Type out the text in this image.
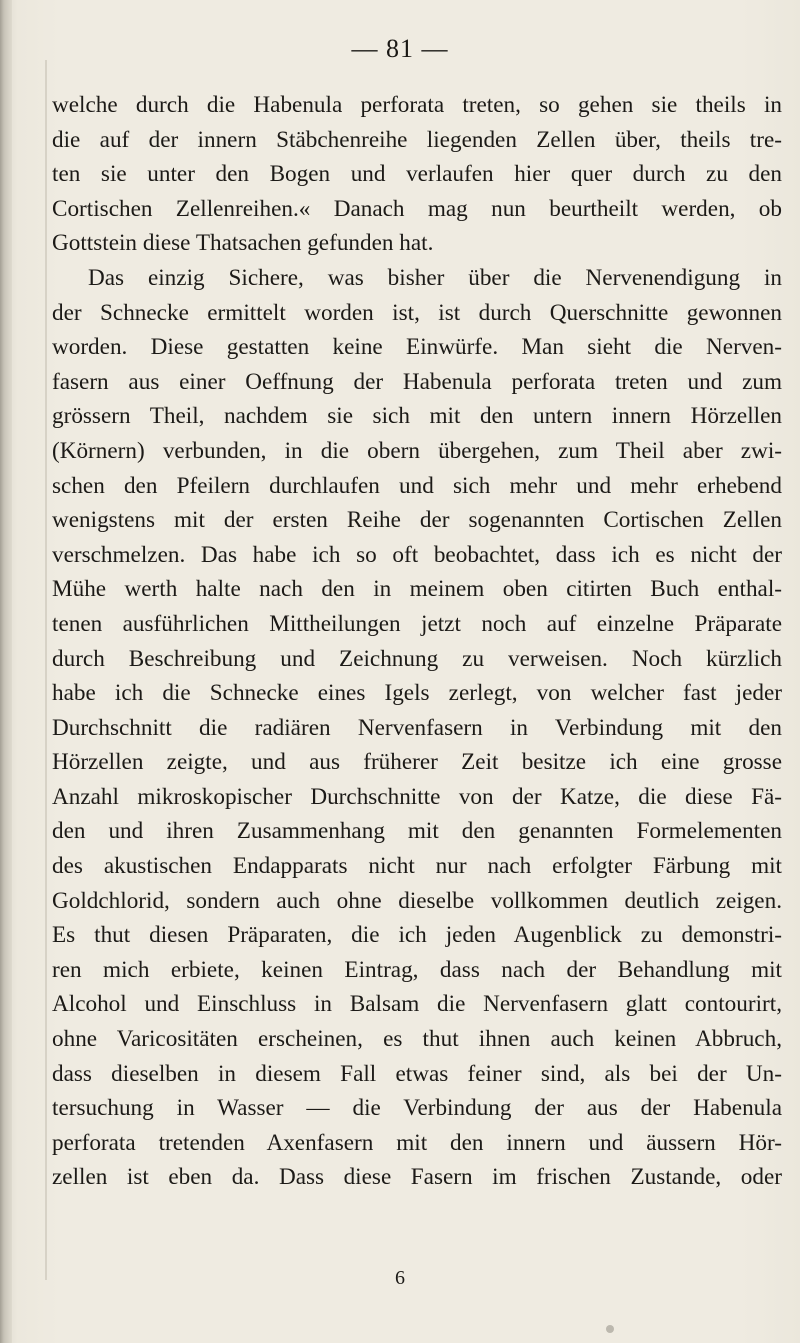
— 81 —
welche durch die Habenula perforata treten, so gehen sie theils in
die auf der innern Stäbchenreihe liegenden Zellen über, theils tre-
ten sie unter den Bogen und verlaufen hier quer durch zu den
Cortischen Zellenreihen.« Danach mag nun beurtheilt werden, ob
Gottstein diese Thatsachen gefunden hat.
Das einzig Sichere, was bisher über die Nervenendigung in
der Schnecke ermittelt worden ist, ist durch Querschnitte gewonnen
worden. Diese gestatten keine Einwürfe. Man sieht die Nerven-
fasern aus einer Oeffnung der Habenula perforata treten und zum
grössern Theil, nachdem sie sich mit den untern innern Hörzellen
(Körnern) verbunden, in die obern übergehen, zum Theil aber zwi-
schen den Pfeilern durchlaufen und sich mehr und mehr erhebend
wenigstens mit der ersten Reihe der sogenannten Cortischen Zellen
verschmelzen. Das habe ich so oft beobachtet, dass ich es nicht der
Mühe werth halte nach den in meinem oben citirten Buch enthal-
tenen ausführlichen Mittheilungen jetzt noch auf einzelne Präparate
durch Beschreibung und Zeichnung zu verweisen. Noch kürzlich
habe ich die Schnecke eines Igels zerlegt, von welcher fast jeder
Durchschnitt die radiären Nervenfasern in Verbindung mit den
Hörzellen zeigte, und aus früherer Zeit besitze ich eine grosse
Anzahl mikroskopischer Durchschnitte von der Katze, die diese Fä-
den und ihren Zusammenhang mit den genannten Formelementen
des akustischen Endapparats nicht nur nach erfolgter Färbung mit
Goldchlorid, sondern auch ohne dieselbe vollkommen deutlich zeigen.
Es thut diesen Präparaten, die ich jeden Augenblick zu demonstri-
ren mich erbiete, keinen Eintrag, dass nach der Behandlung mit
Alcohol und Einschluss in Balsam die Nervenfasern glatt contourirt,
ohne Varicositäten erscheinen, es thut ihnen auch keinen Abbruch,
dass dieselben in diesem Fall etwas feiner sind, als bei der Un-
tersuchung in Wasser — die Verbindung der aus der Habenula
perforata tretenden Axenfasern mit den innern und äussern Hör-
zellen ist eben da. Dass diese Fasern im frischen Zustande, oder
6
